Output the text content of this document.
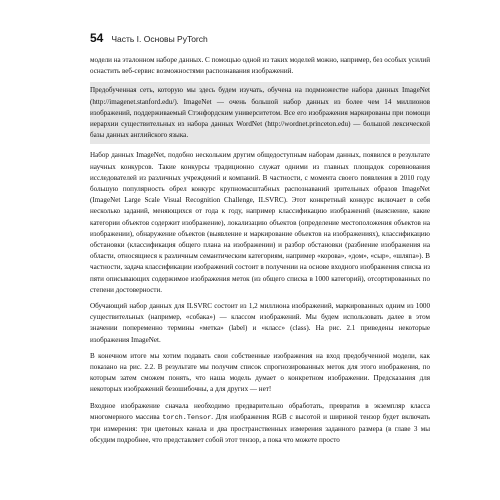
54 Часть I. Основы PyTorch

модели на эталонном наборе данных. С помощью одной из таких моделей можно, например, без особых усилий оснастить веб-сервис возможностями распознавания изображений.

Предобученная сеть, которую мы здесь будем изучать, обучена на подмножестве набора данных ImageNet (http://imagenet.stanford.edu/). ImageNet — очень большой набор данных из более чем 14 миллионов изображений, поддерживаемый Стэнфордским университетом. Все его изображения маркированы при помощи иерархии существительных из набора данных WordNet (http://wordnet.princeton.edu) — большой лексической базы данных английского языка.

Набор данных ImageNet, подобно нескольким другим общедоступным наборам данных, появился в результате научных конкурсов. Такие конкурсы традиционно служат одними из главных площадок соревнования исследователей из различных учреждений и компаний. В частности, с момента своего появления в 2010 году большую популярность обрел конкурс крупномасштабных распознаваний зрительных образов ImageNet (ImageNet Large Scale Visual Recognition Challenge, ILSVRC). Этот конкретный конкурс включает в себя несколько заданий, меняющихся от года к году, например классификацию изображений (выяснение, какие категории объектов содержит изображение), локализацию объектов (определение местоположения объектов на изображении), обнаружение объектов (выявление и маркирование объектов на изображениях), классификацию обстановки (классификация общего плана на изображении) и разбор обстановки (разбиение изображения на области, относящиеся к различным семантическим категориям, например «корова», «дом», «сыр», «шляпа»). В частности, задача классификации изображений состоит в получении на основе входного изображения списка из пяти описывающих содержимое изображения меток (из общего списка в 1000 категорий), отсортированных по степени достоверности.

Обучающий набор данных для ILSVRC состоит из 1,2 миллиона изображений, маркированных одним из 1000 существительных (например, «собака») — классом изображений. Мы будем использовать далее в этом значении попеременно термины «метка» (label) и «класс» (class). На рис. 2.1 приведены некоторые изображения ImageNet.

В конечном итоге мы хотим подавать свои собственные изображения на вход предобученной модели, как показано на рис. 2.2. В результате мы получим список спрогнозированных меток для этого изображения, по которым затем сможем понять, что наша модель думает о конкретном изображении. Предсказания для некоторых изображений безошибочны, а для других — нет!

Входное изображение сначала необходимо предварительно обработать, превратив в экземпляр класса многомерного массива torch.Tensor. Для изображения RGB с высотой и шириной тензор будет включать три измерения: три цветовых канала и два пространственных измерения заданного размера (в главе 3 мы обсудим подробнее, что представляет собой этот тензор, а пока что можете просто
